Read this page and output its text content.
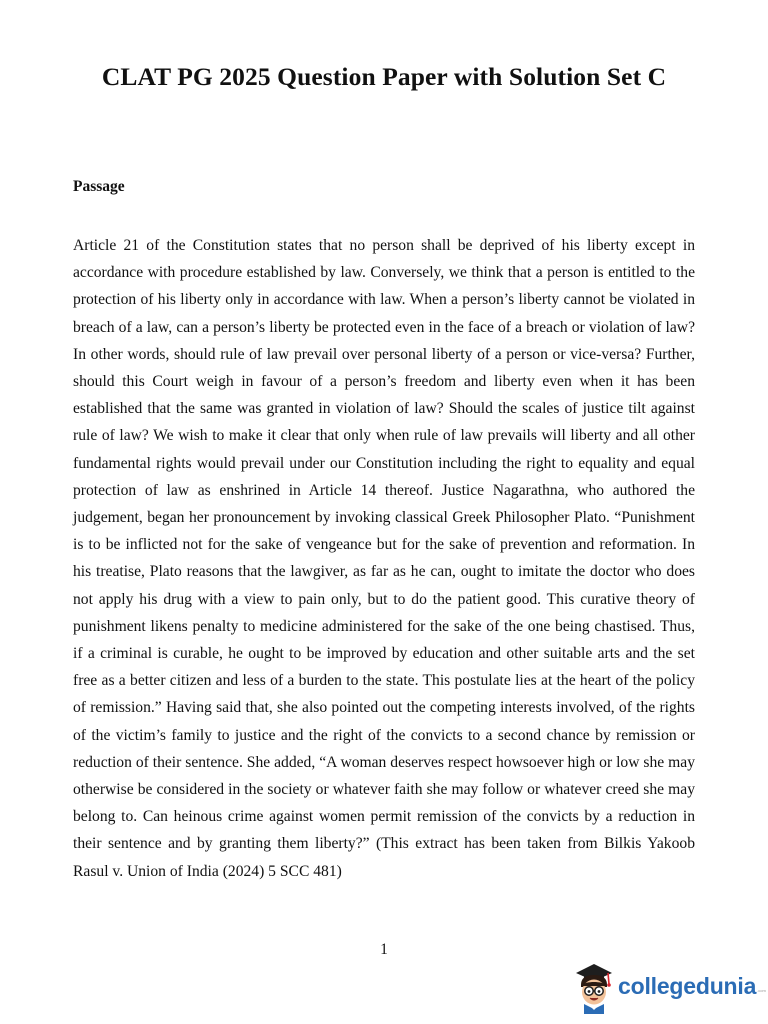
CLAT PG 2025 Question Paper with Solution Set C
Passage

Article 21 of the Constitution states that no person shall be deprived of his liberty except in accordance with procedure established by law. Conversely, we think that a person is entitled to the protection of his liberty only in accordance with law. When a person’s liberty cannot be violated in breach of a law, can a person’s liberty be protected even in the face of a breach or violation of law? In other words, should rule of law prevail over personal liberty of a person or vice-versa? Further, should this Court weigh in favour of a person’s freedom and liberty even when it has been established that the same was granted in violation of law? Should the scales of justice tilt against rule of law? We wish to make it clear that only when rule of law prevails will liberty and all other fundamental rights would prevail under our Constitution including the right to equality and equal protection of law as enshrined in Article 14 thereof. Justice Nagarathna, who authored the judgement, began her pronouncement by invoking classical Greek Philosopher Plato. “Punishment is to be inflicted not for the sake of vengeance but for the sake of prevention and reformation. In his treatise, Plato reasons that the lawgiver, as far as he can, ought to imitate the doctor who does not apply his drug with a view to pain only, but to do the patient good. This curative theory of punishment likens penalty to medicine administered for the sake of the one being chastised. Thus, if a criminal is curable, he ought to be improved by education and other suitable arts and the set free as a better citizen and less of a burden to the state. This postulate lies at the heart of the policy of remission.” Having said that, she also pointed out the competing interests involved, of the rights of the victim’s family to justice and the right of the convicts to a second chance by remission or reduction of their sentence. She added, “A woman deserves respect howsoever high or low she may otherwise be considered in the society or whatever faith she may follow or whatever creed she may belong to. Can heinous crime against women permit remission of the convicts by a reduction in their sentence and by granting them liberty?” (This extract has been taken from Bilkis Yakoob Rasul v. Union of India (2024) 5 SCC 481)

1
collegedunia .com
